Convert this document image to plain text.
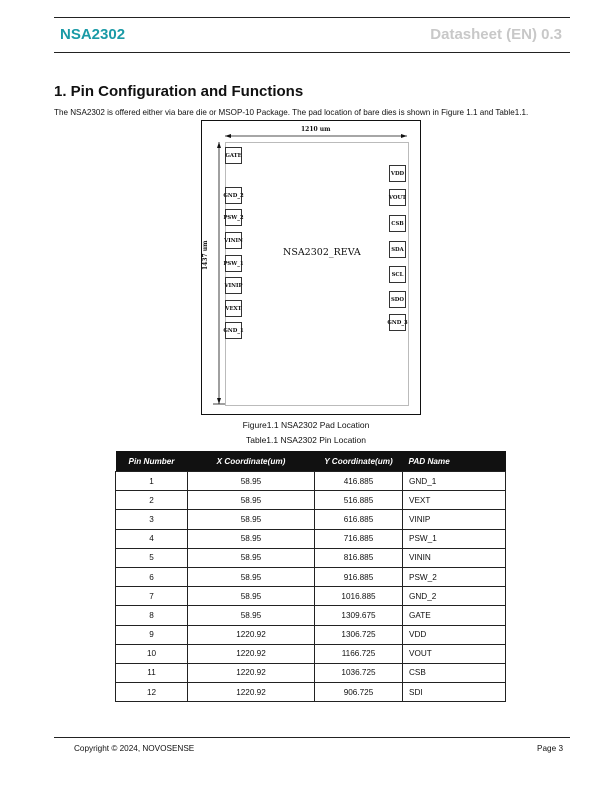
NSA2302	Datasheet (EN) 0.3
1. Pin Configuration and Functions
The NSA2302 is offered either via bare die or MSOP-10 Package. The pad location of bare dies is shown in Figure 1.1 and Table1.1.
1210 um
1437 um
GATE
GND_2
PSW_2
VININ
PSW_1
VINIP
VEXT
GND_1
VDD
VOUT
CSB
SDA
SCL
SDO
GND_3
NSA2302_REVA
Figure1.1 NSA2302 Pad Location
Table1.1 NSA2302 Pin Location
Pin Number	X Coordinate(um)	Y Coordinate(um)	PAD Name
1	58.95	416.885	GND_1
2	58.95	516.885	VEXT
3	58.95	616.885	VINIP
4	58.95	716.885	PSW_1
5	58.95	816.885	VININ
6	58.95	916.885	PSW_2
7	58.95	1016.885	GND_2
8	58.95	1309.675	GATE
9	1220.92	1306.725	VDD
10	1220.92	1166.725	VOUT
11	1220.92	1036.725	CSB
12	1220.92	906.725	SDI
Copyright © 2024, NOVOSENSE	Page 3
